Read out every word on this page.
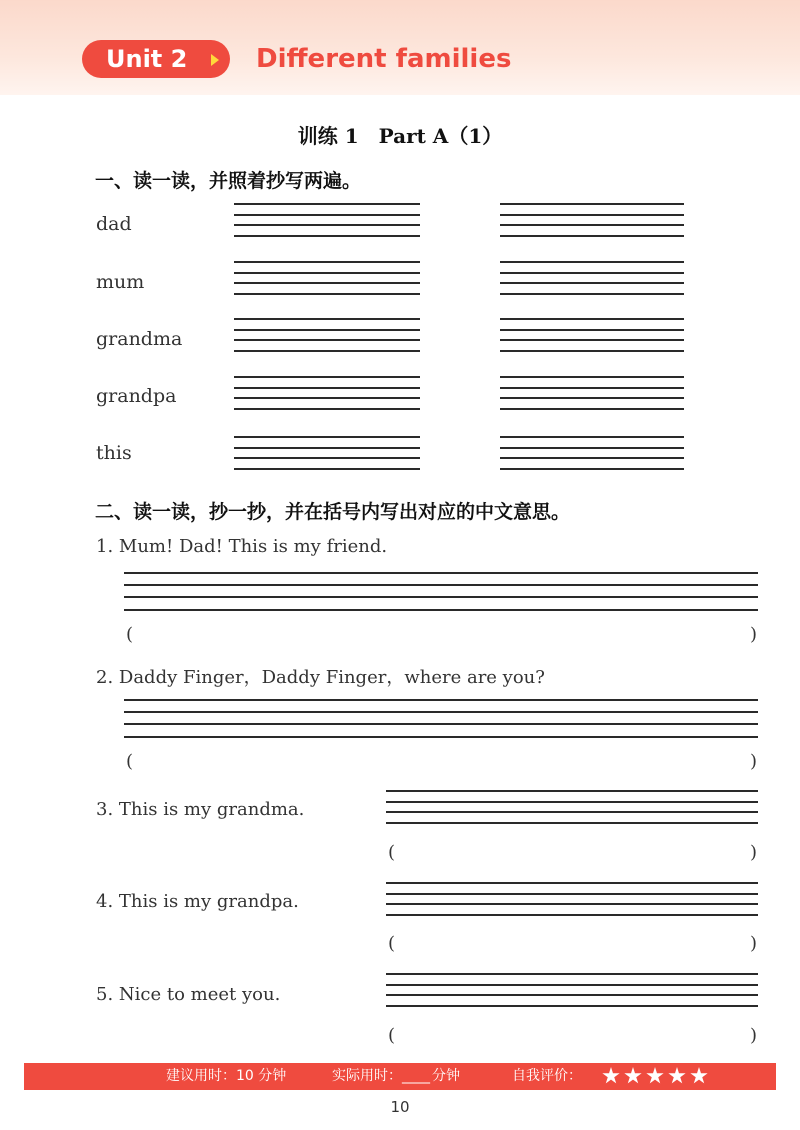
Unit 2	Different families
训练 1　Part A（1）
一、读一读，并照着抄写两遍。
dad
mum
grandma
grandpa
this
二、读一读，抄一抄，并在括号内写出对应的中文意思。
1. Mum! Dad! This is my friend.
(	)
2. Daddy Finger，Daddy Finger，where are you?
(	)
3. This is my grandma.
(	)
4. This is my grandpa.
(	)
5. Nice to meet you.
(	)
建议用时：10 分钟	实际用时： ____ 分钟	自我评价：
10
